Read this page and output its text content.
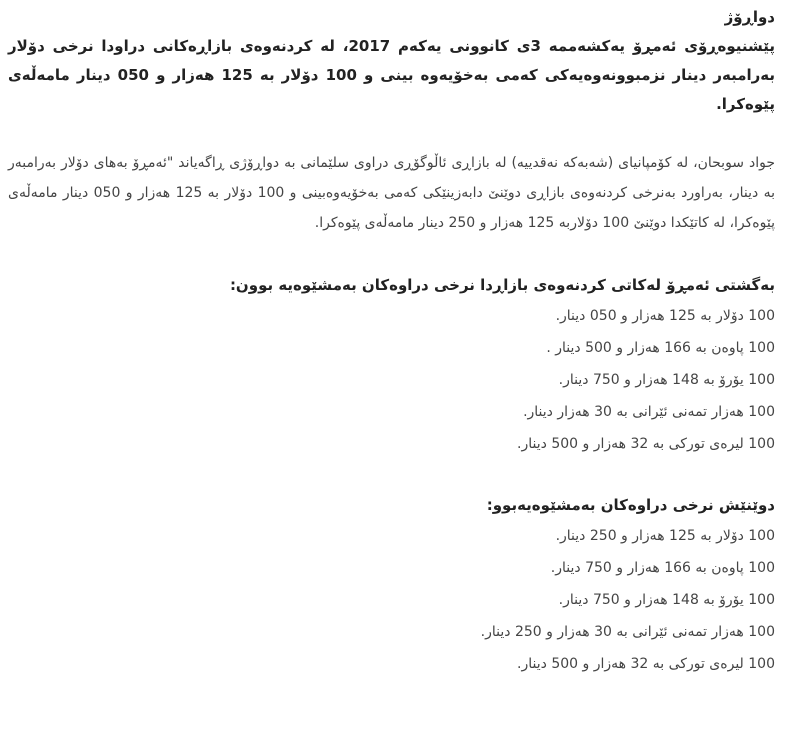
دواڕۆژ

پێشنیوەڕۆی ئەمڕۆ یەکشەممە 3ی کانوونی یەکەم 2017، لە کردنەوەی بازاڕەکانی دراودا نرخی دۆلار بەرامبەر دینار نزمبوونەوەیەکی کەمی بەخۆیەوە بینی و 100 دۆلار بە 125 هەزار و 050 دینار مامەڵەی پێوەکرا.

جواد سوبحان، لە کۆمپانیای (شەبەکە نەقدییە) لە بازاڕی ئاڵوگۆڕی دراوی سلێمانی بە دواڕۆژی ڕاگەیاند "ئەمڕۆ بەهای دۆلار بەرامبەر بە دینار، بەراورد بەنرخی کردنەوەی بازاڕی دوێنێ دابەزینێکی کەمی بەخۆیەوەبینی و 100 دۆلار بە 125 هەزار و 050 دینار مامەڵەی پێوەکرا، لە کاتێکدا دوێنێ 100 دۆلاربە 125 هەزار و 250 دینار مامەڵەی پێوەکرا.

بەگشتی ئەمڕۆ لەکاتی کردنەوەی بازاڕدا نرخی دراوەکان بەمشێوەیە بوون:

100 دۆلار بە 125 هەزار و 050 دینار.
100 پاوەن بە 166 هەزار و 500 دینار .
100 یۆرۆ بە 148 هەزار و 750 دینار.
100 هەزار تمەنی ئێرانی بە 30 هەزار دینار.
100 لیرەی تورکی بە 32 هەزار و 500 دینار.

دوێنێش نرخی دراوەکان بەمشێوەیەبوو:

100 دۆلار بە 125 هەزار و 250 دینار.
100 پاوەن بە 166 هەزار و 750 دینار.
100 یۆرۆ بە 148 هەزار و 750 دینار.
100 هەزار تمەنی ئێرانی بە 30 هەزار و 250 دینار.
100 لیرەی تورکی بە 32 هەزار و 500 دینار.
